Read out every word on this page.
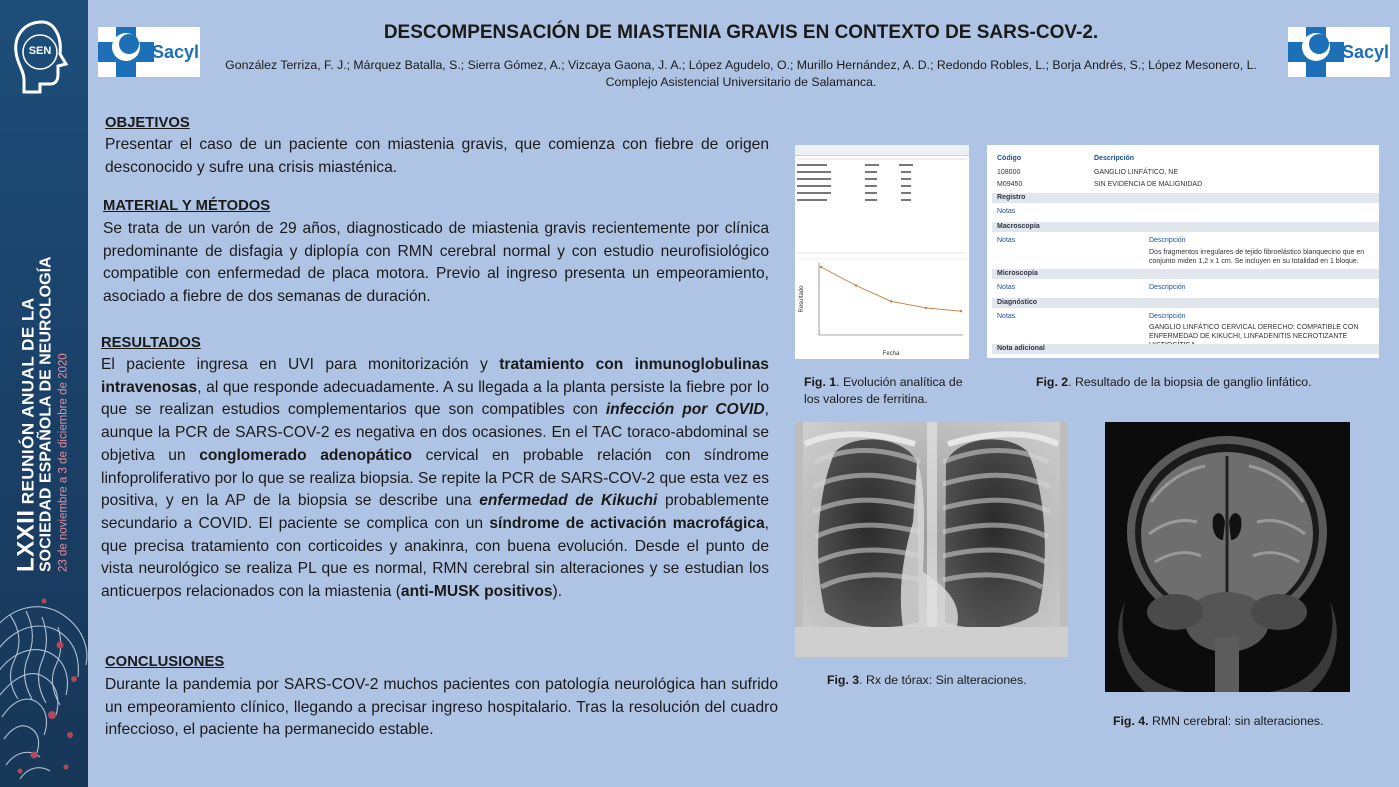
SEN
LXXII REUNIÓN ANUAL DE LA SOCIEDAD ESPAÑOLA DE NEUROLOGÍA 23 de noviembre a 3 de diciembre de 2020
Sacyl	Sacyl
DESCOMPENSACIÓN DE MIASTENIA GRAVIS EN CONTEXTO DE SARS-COV-2.
González Terriza, F. J.; Márquez Batalla, S.; Sierra Gómez, A.; Vizcaya Gaona, J. A.; López Agudelo, O.; Murillo Hernández, A. D.; Redondo Robles, L.; Borja Andrés, S.; López Mesonero, L.
Complejo Asistencial Universitario de Salamanca.
OBJETIVOS
Presentar el caso de un paciente con miastenia gravis, que comienza con fiebre de origen desconocido y sufre una crisis miasténica.
MATERIAL Y MÉTODOS
Se trata de un varón de 29 años, diagnosticado de miastenia gravis recientemente por clínica predominante de disfagia y diplopía con RMN cerebral normal y con estudio neurofisiológico compatible con enfermedad de placa motora. Previo al ingreso presenta un empeoramiento, asociado a fiebre de dos semanas de duración.
RESULTADOS
El paciente ingresa en UVI para monitorización y tratamiento con inmunoglobulinas intravenosas, al que responde adecuadamente. A su llegada a la planta persiste la fiebre por lo que se realizan estudios complementarios que son compatibles con infección por COVID, aunque la PCR de SARS-COV-2 es negativa en dos ocasiones. En el TAC toraco-abdominal se objetiva un conglomerado adenopático cervical en probable relación con síndrome linfoproliferativo por lo que se realiza biopsia. Se repite la PCR de SARS-COV-2 que esta vez es positiva, y en la AP de la biopsia se describe una enfermedad de Kikuchi probablemente secundario a COVID. El paciente se complica con un síndrome de activación macrofágica, que precisa tratamiento con corticoides y anakinra, con buena evolución. Desde el punto de vista neurológico se realiza PL que es normal, RMN cerebral sin alteraciones y se estudian los anticuerpos relacionados con la miastenia (anti-MUSK positivos).
CONCLUSIONES
Durante la pandemia por SARS-COV-2 muchos pacientes con patología neurológica han sufrido un empeoramiento clínico, llegando a precisar ingreso hospitalario. Tras la resolución del cuadro infeccioso, el paciente ha permanecido estable.
Resultado
Fecha
Código	Descripción
108000	GANGLIO LINFÁTICO, NE
M09450	SIN EVIDENCIA DE MALIGNIDAD
Registro
Notas
Macroscopía
Notas	Descripción
Dos fragmentos irregulares de tejido fibroelástico blanquecino que en conjunto miden 1,2 x 1 cm. Se incluyen en su totalidad en 1 bloque.
Microscopía
Notas	Descripción
Diagnóstico
Notas	Descripción
GANGLIO LINFÁTICO CERVICAL DERECHO: COMPATIBLE CON ENFERMEDAD DE KIKUCHI, LINFADENITIS NECROTIZANTE
Nota adicional
Fig. 1. Evolución analítica de los valores de ferritina.
Fig. 2. Resultado de la biopsia de ganglio linfático.
Fig. 3. Rx de tórax: Sin alteraciones.
Fig. 4. RMN cerebral: sin alteraciones.
